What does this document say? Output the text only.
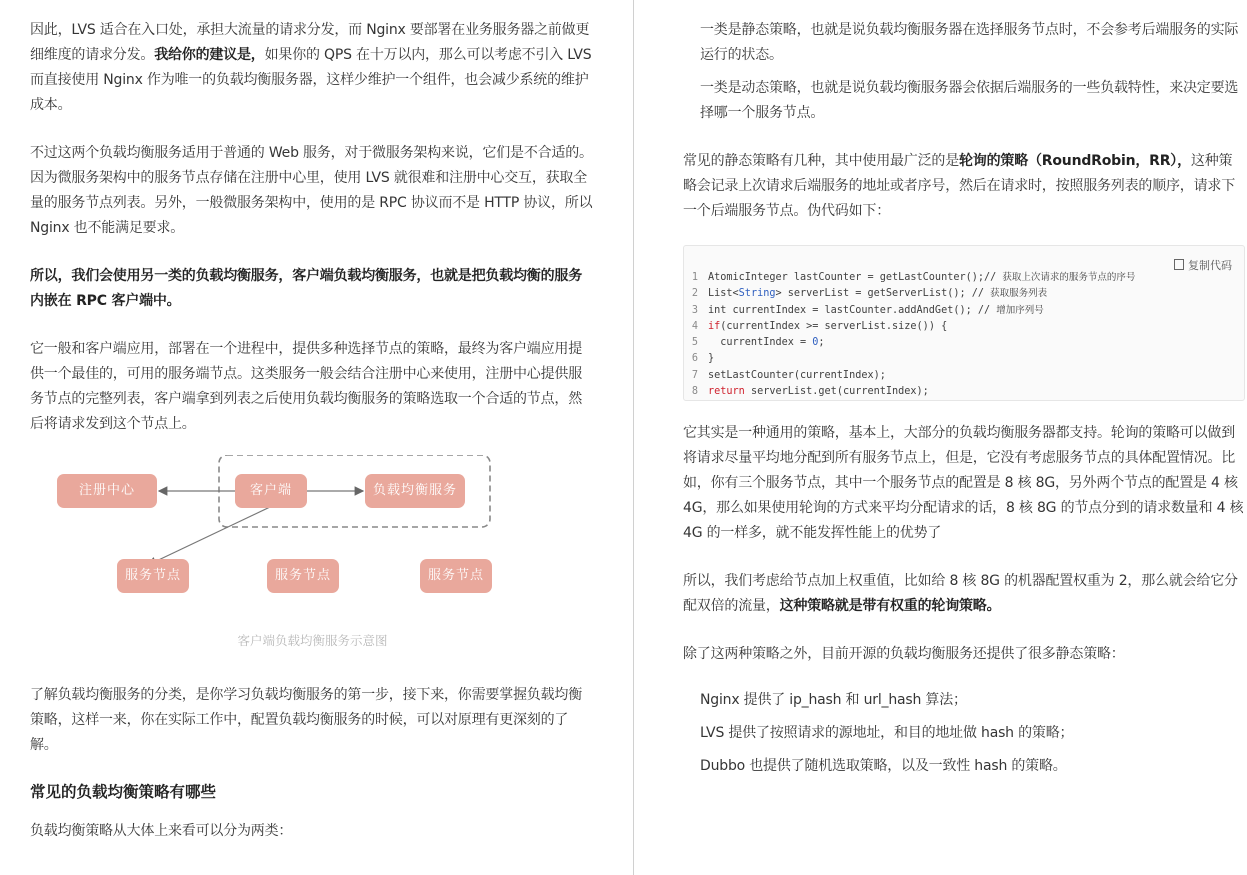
因此，LVS 适合在入口处，承担大流量的请求分发，而 Nginx 要部署在业务服务器之前做更细维度的请求分发。我给你的建议是，如果你的 QPS 在十万以内，那么可以考虑不引入 LVS 而直接使用 Nginx 作为唯一的负载均衡服务器，这样少维护一个组件，也会减少系统的维护成本。

不过这两个负载均衡服务适用于普通的 Web 服务，对于微服务架构来说，它们是不合适的。因为微服务架构中的服务节点存储在注册中心里，使用 LVS 就很难和注册中心交互，获取全量的服务节点列表。另外，一般微服务架构中，使用的是 RPC 协议而不是 HTTP 协议，所以 Nginx 也不能满足要求。

所以，我们会使用另一类的负载均衡服务，客户端负载均衡服务，也就是把负载均衡的服务内嵌在 RPC 客户端中。

它一般和客户端应用，部署在一个进程中，提供多种选择节点的策略，最终为客户端应用提供一个最佳的，可用的服务端节点。这类服务一般会结合注册中心来使用，注册中心提供服务节点的完整列表，客户端拿到列表之后使用负载均衡服务的策略选取一个合适的节点，然后将请求发到这个节点上。

注册中心	客户端	负载均衡服务
服务节点	服务节点	服务节点
客户端负载均衡服务示意图

了解负载均衡服务的分类，是你学习负载均衡服务的第一步，接下来，你需要掌握负载均衡策略，这样一来，你在实际工作中，配置负载均衡服务的时候，可以对原理有更深刻的了解。

常见的负载均衡策略有哪些

负载均衡策略从大体上来看可以分为两类：

一类是静态策略，也就是说负载均衡服务器在选择服务节点时，不会参考后端服务的实际运行的状态。

一类是动态策略，也就是说负载均衡服务器会依据后端服务的一些负载特性，来决定要选择哪一个服务节点。

常见的静态策略有几种，其中使用最广泛的是轮询的策略（RoundRobin，RR），这种策略会记录上次请求后端服务的地址或者序号，然后在请求时，按照服务列表的顺序，请求下一个后端服务节点。伪代码如下：

复制代码
1 AtomicInteger lastCounter = getLastCounter();// 获取上次请求的服务节点的序号
2 List<String> serverList = getServerList(); // 获取服务列表
3 int currentIndex = lastCounter.addAndGet(); // 增加序列号
4 if(currentIndex >= serverList.size()) {
5  currentIndex = 0;
6 }
7 setLastCounter(currentIndex);
8 return serverList.get(currentIndex);

它其实是一种通用的策略，基本上，大部分的负载均衡服务器都支持。轮询的策略可以做到将请求尽量平均地分配到所有服务节点上，但是，它没有考虑服务节点的具体配置情况。比如，你有三个服务节点，其中一个服务节点的配置是 8 核 8G，另外两个节点的配置是 4 核 4G，那么如果使用轮询的方式来平均分配请求的话，8 核 8G 的节点分到的请求数量和 4 核 4G 的一样多，就不能发挥性能上的优势了

所以，我们考虑给节点加上权重值，比如给 8 核 8G 的机器配置权重为 2，那么就会给它分配双倍的流量，这种策略就是带有权重的轮询策略。

除了这两种策略之外，目前开源的负载均衡服务还提供了很多静态策略：

Nginx 提供了 ip_hash 和 url_hash 算法；

LVS 提供了按照请求的源地址，和目的地址做 hash 的策略；

Dubbo 也提供了随机选取策略，以及一致性 hash 的策略。
